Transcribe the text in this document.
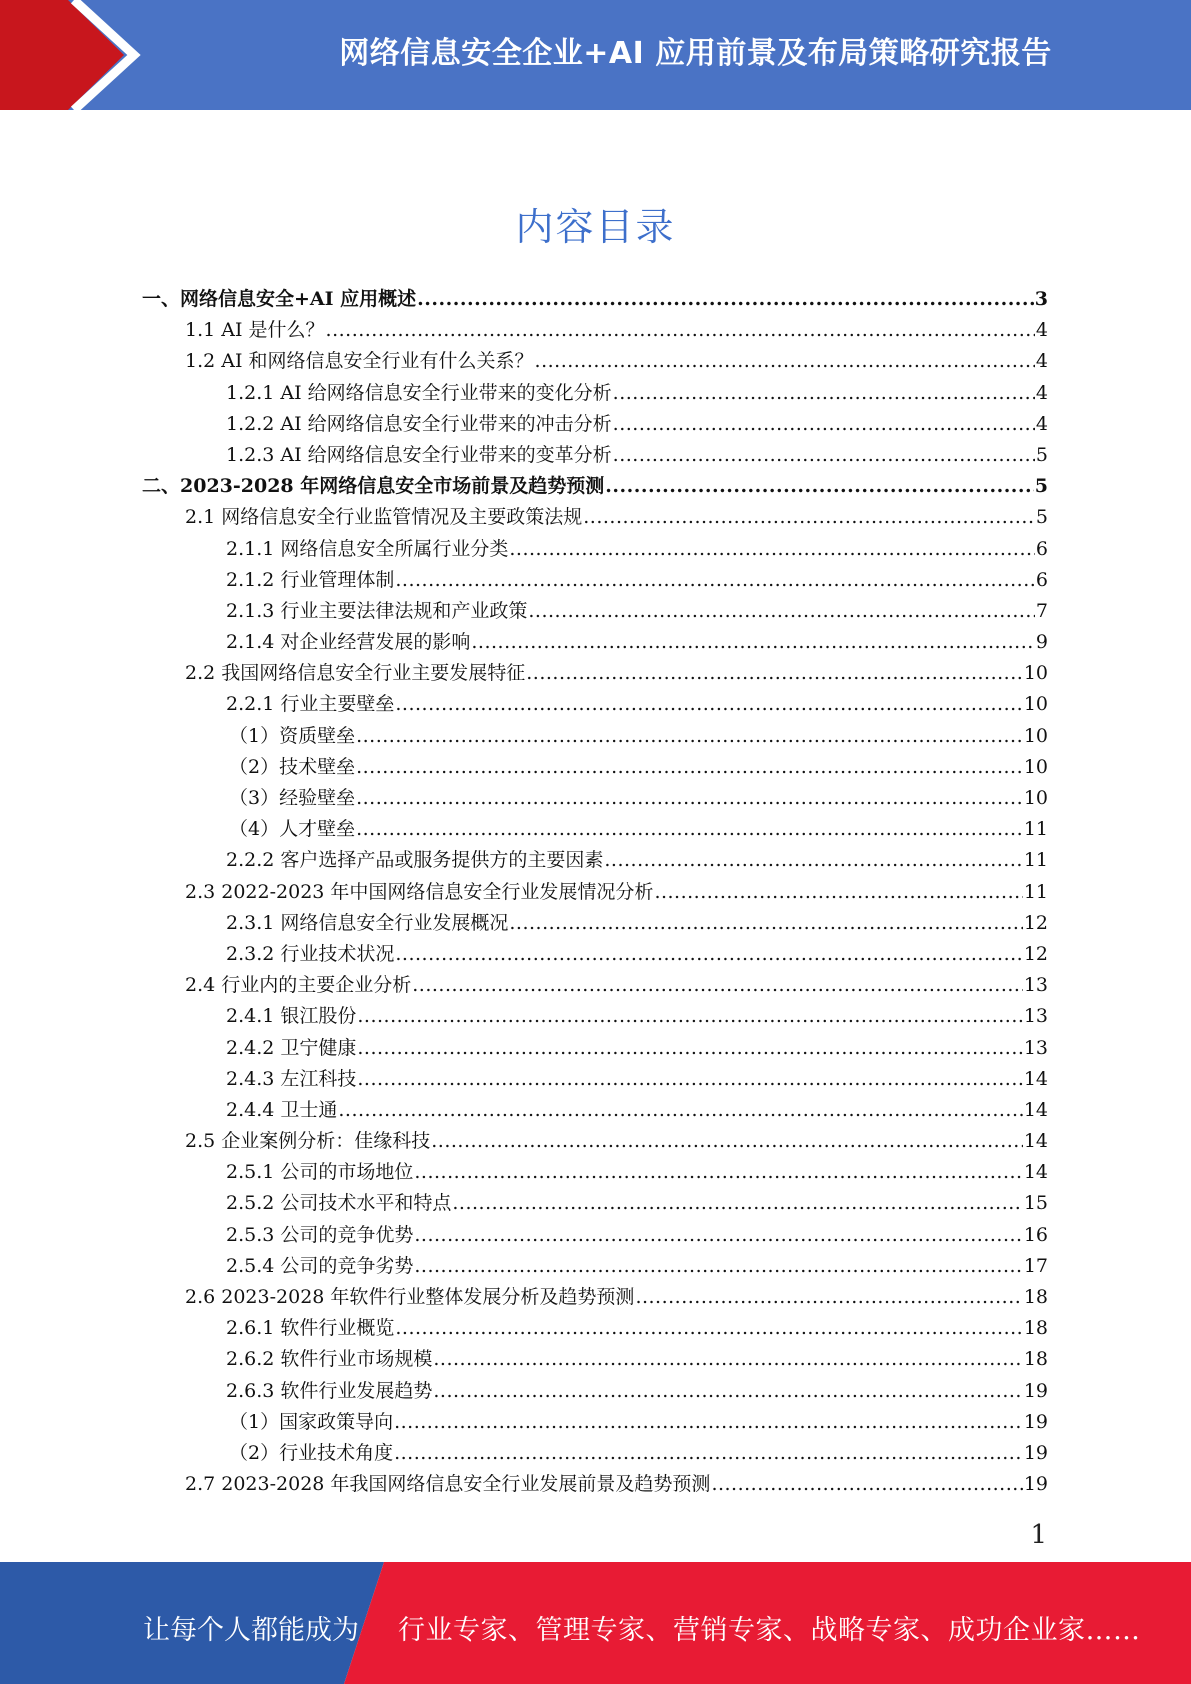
网络信息安全企业+AI 应用前景及布局策略研究报告
内容目录
一、网络信息安全+AI 应用概述 .....	3
1.1 AI 是什么？ .....	4
1.2 AI 和网络信息安全行业有什么关系？ .....	4
1.2.1 AI 给网络信息安全行业带来的变化分析 .....	4
1.2.2 AI 给网络信息安全行业带来的冲击分析 .....	4
1.2.3 AI 给网络信息安全行业带来的变革分析 .....	5
二、2023-2028 年网络信息安全市场前景及趋势预测 .....	5
2.1 网络信息安全行业监管情况及主要政策法规 .....	5
2.1.1 网络信息安全所属行业分类 .....	6
2.1.2 行业管理体制 .....	6
2.1.3 行业主要法律法规和产业政策 .....	7
2.1.4 对企业经营发展的影响 .....	9
2.2 我国网络信息安全行业主要发展特征 .....	10
2.2.1 行业主要壁垒 .....	10
（1）资质壁垒 .....	10
（2）技术壁垒 .....	10
（3）经验壁垒 .....	10
（4）人才壁垒 .....	11
2.2.2 客户选择产品或服务提供方的主要因素 .....	11
2.3 2022-2023 年中国网络信息安全行业发展情况分析 .....	11
2.3.1 网络信息安全行业发展概况 .....	12
2.3.2 行业技术状况 .....	12
2.4 行业内的主要企业分析 .....	13
2.4.1 银江股份 .....	13
2.4.2 卫宁健康 .....	13
2.4.3 左江科技 .....	14
2.4.4 卫士通 .....	14
2.5 企业案例分析：佳缘科技 .....	14
2.5.1 公司的市场地位 .....	14
2.5.2 公司技术水平和特点 .....	15
2.5.3 公司的竞争优势 .....	16
2.5.4 公司的竞争劣势 .....	17
2.6 2023-2028 年软件行业整体发展分析及趋势预测 .....	18
2.6.1 软件行业概览 .....	18
2.6.2 软件行业市场规模 .....	18
2.6.3 软件行业发展趋势 .....	19
（1）国家政策导向 .....	19
（2）行业技术角度 .....	19
2.7 2023-2028 年我国网络信息安全行业发展前景及趋势预测 .....	19
1
让每个人都能成为 行业专家、管理专家、营销专家、战略专家、成功企业家……
